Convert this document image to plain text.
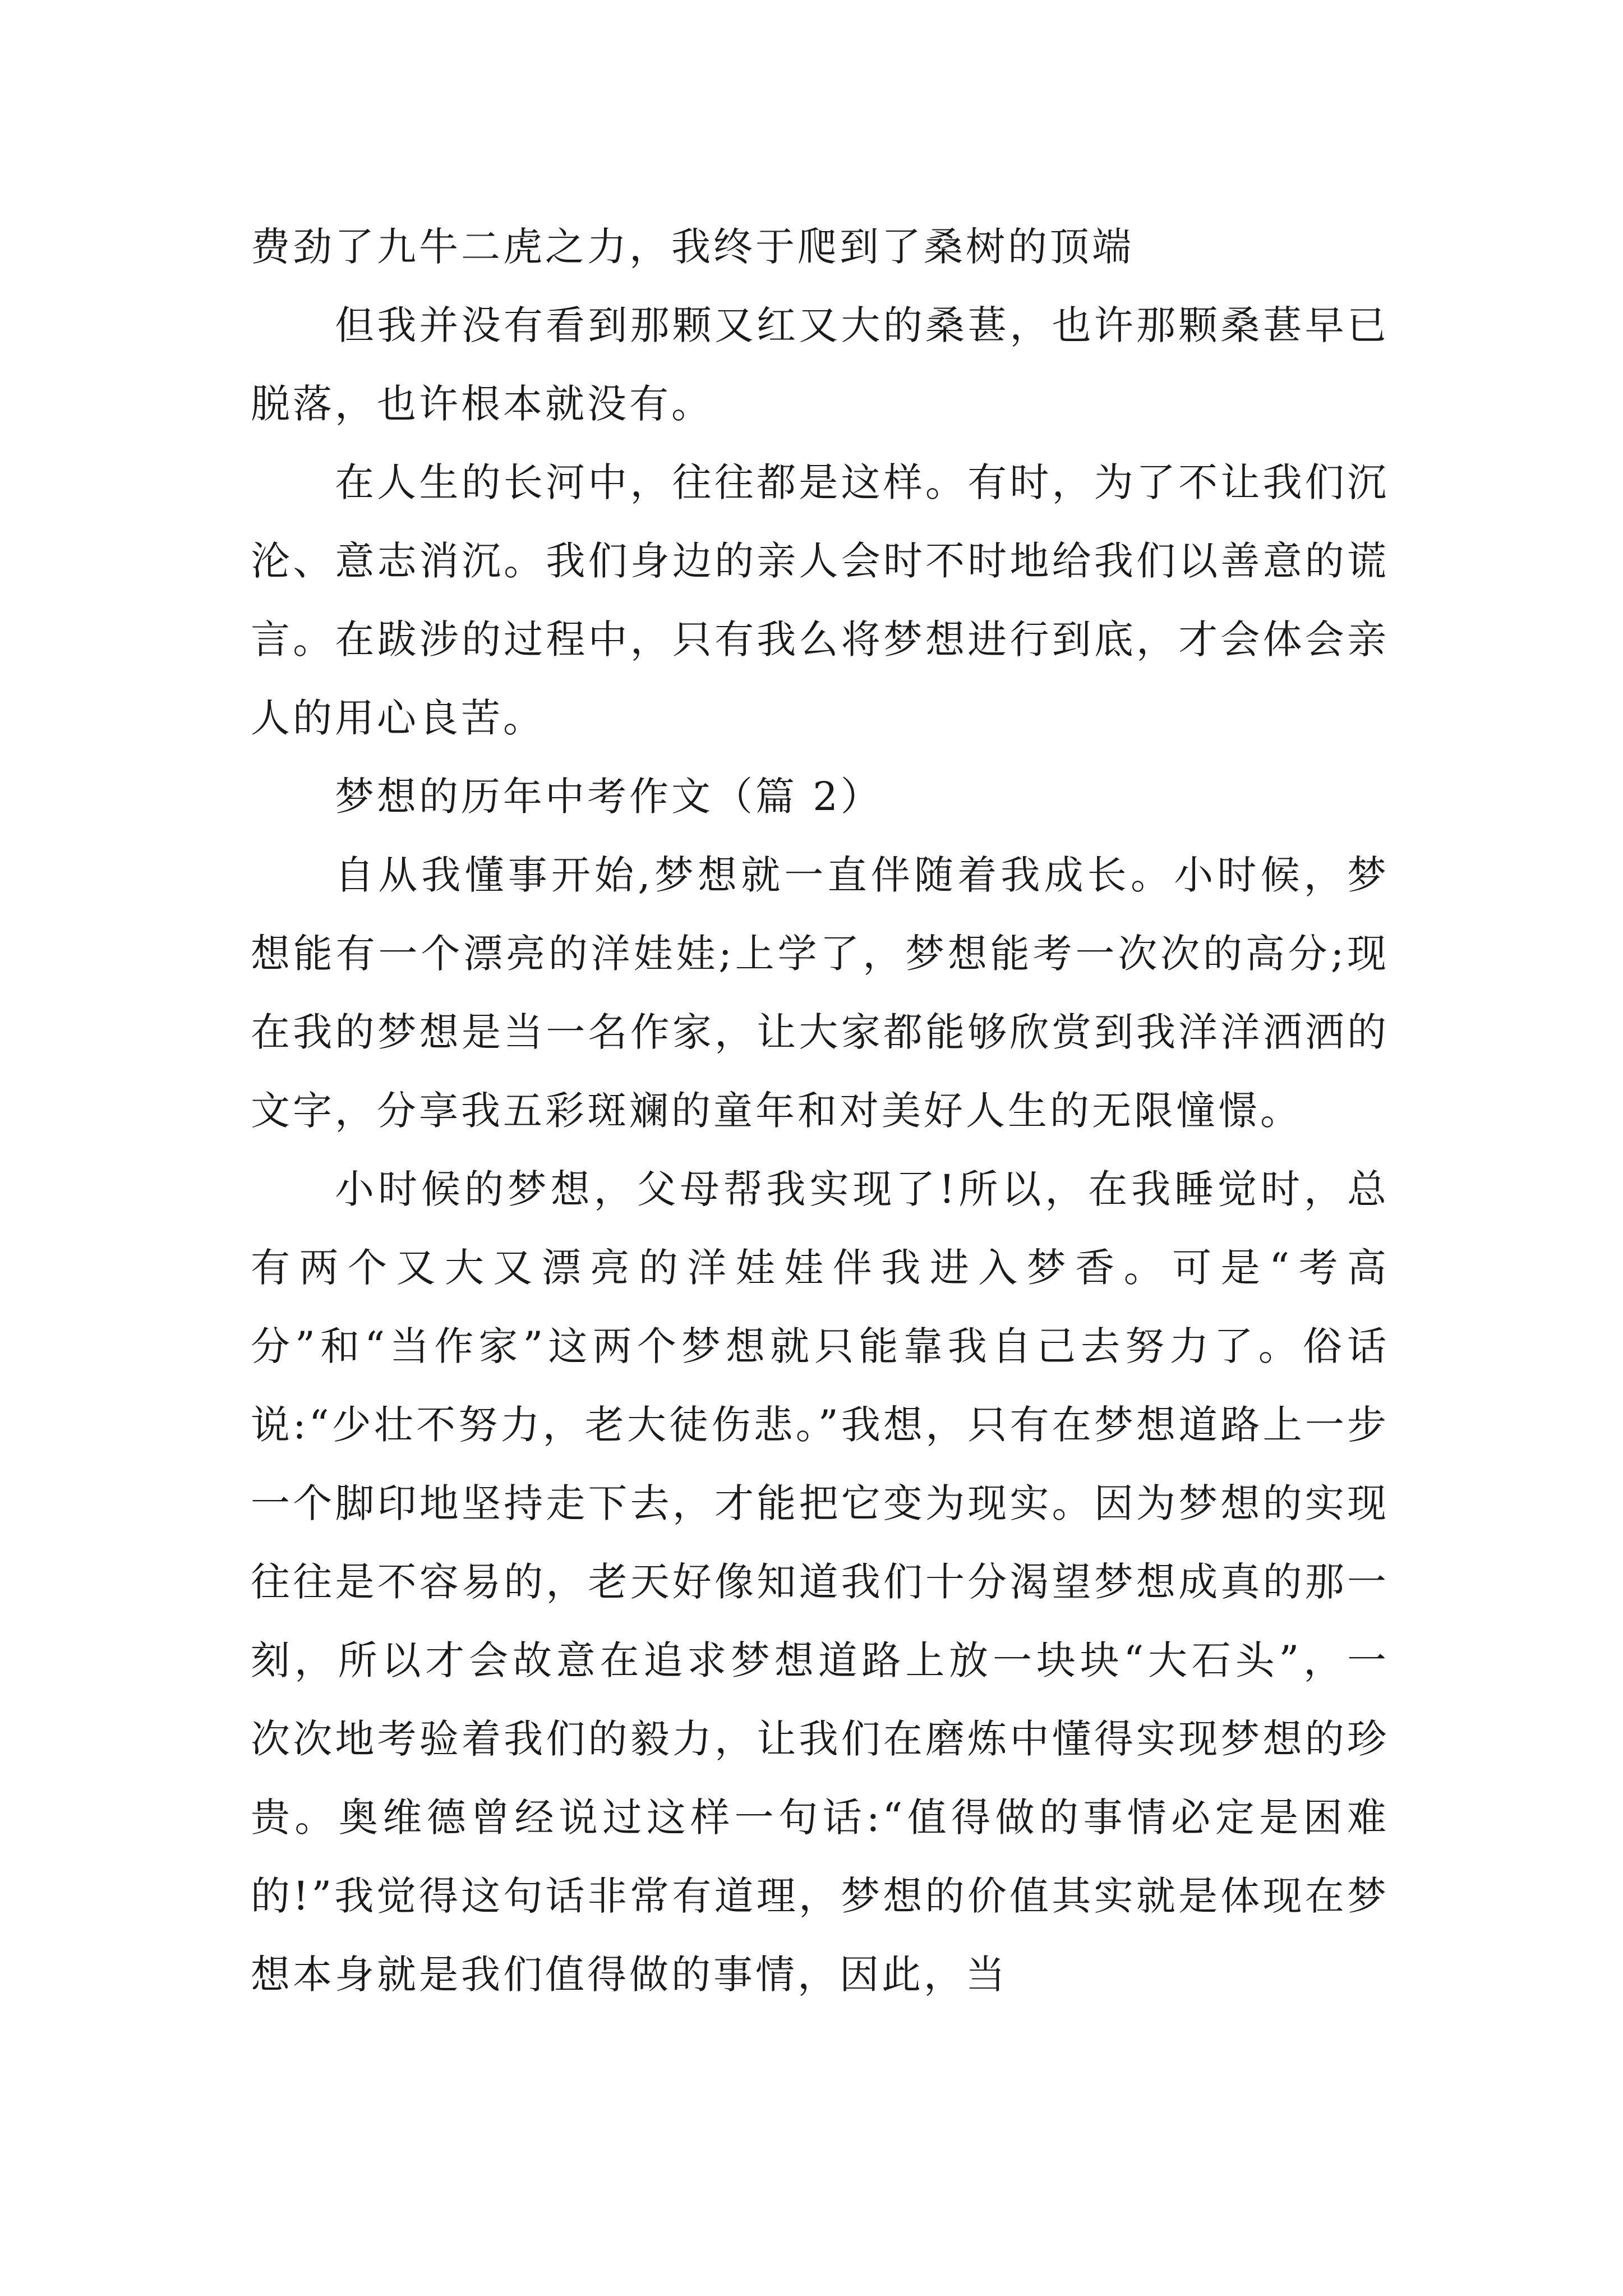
费劲了九牛二虎之力，我终于爬到了桑树的顶端

但我并没有看到那颗又红又大的桑葚，也许那颗桑葚早已脱落，也许根本就没有。

在人生的长河中，往往都是这样。有时，为了不让我们沉沦、意志消沉。我们身边的亲人会时不时地给我们以善意的谎言。在跋涉的过程中，只有我么将梦想进行到底，才会体会亲人的用心良苦。

梦想的历年中考作文（篇 2）

自从我懂事开始,梦想就一直伴随着我成长。小时候，梦想能有一个漂亮的洋娃娃;上学了，梦想能考一次次的高分;现在我的梦想是当一名作家，让大家都能够欣赏到我洋洋洒洒的文字，分享我五彩斑斓的童年和对美好人生的无限憧憬。

小时候的梦想，父母帮我实现了!所以，在我睡觉时，总有两个又大又漂亮的洋娃娃伴我进入梦香。可是“考高分”和“当作家”这两个梦想就只能靠我自己去努力了。俗话说:“少壮不努力，老大徒伤悲。”我想，只有在梦想道路上一步一个脚印地坚持走下去，才能把它变为现实。因为梦想的实现往往是不容易的，老天好像知道我们十分渴望梦想成真的那一刻，所以才会故意在追求梦想道路上放一块块“大石头”，一次次地考验着我们的毅力，让我们在磨炼中懂得实现梦想的珍贵。奥维德曾经说过这样一句话:“值得做的事情必定是困难的!”我觉得这句话非常有道理，梦想的价值其实就是体现在梦想本身就是我们值得做的事情，因此，当
